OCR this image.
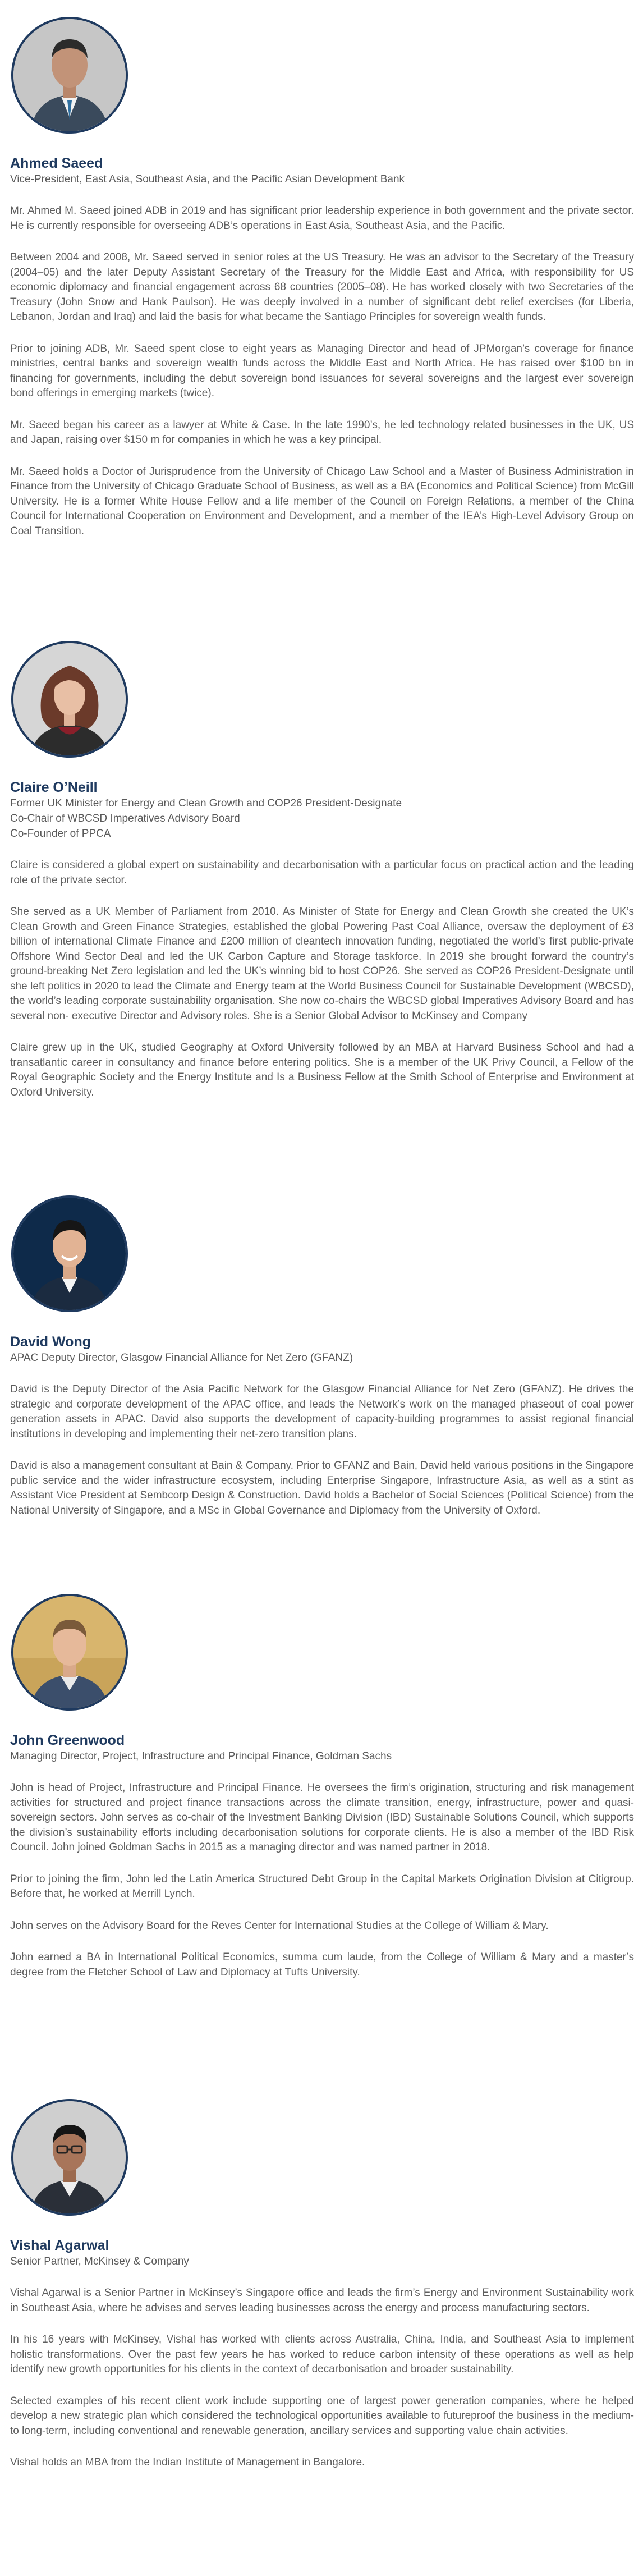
Ahmed Saeed
Vice-President, East Asia, Southeast Asia, and the Pacific Asian Development Bank

Mr. Ahmed M. Saeed joined ADB in 2019 and has significant prior leadership experience in both government and the private sector. He is currently responsible for overseeing ADB’s operations in East Asia, Southeast Asia, and the Pacific.

Between 2004 and 2008, Mr. Saeed served in senior roles at the US Treasury. He was an advisor to the Secretary of the Treasury (2004–05) and the later Deputy Assistant Secretary of the Treasury for the Middle East and Africa, with responsibility for US economic diplomacy and financial engagement across 68 countries (2005–08). He has worked closely with two Secretaries of the Treasury (John Snow and Hank Paulson). He was deeply involved in a number of significant debt relief exercises (for Liberia, Lebanon, Jordan and Iraq) and laid the basis for what became the Santiago Principles for sovereign wealth funds.

Prior to joining ADB, Mr. Saeed spent close to eight years as Managing Director and head of JPMorgan’s coverage for finance ministries, central banks and sovereign wealth funds across the Middle East and North Africa. He has raised over $100 bn in financing for governments, including the debut sovereign bond issuances for several sovereigns and the largest ever sovereign bond offerings in emerging markets (twice).

Mr. Saeed began his career as a lawyer at White & Case. In the late 1990’s, he led technology related businesses in the UK, US and Japan, raising over $150 m for companies in which he was a key principal.

Mr. Saeed holds a Doctor of Jurisprudence from the University of Chicago Law School and a Master of Business Administration in Finance from the University of Chicago Graduate School of Business, as well as a BA (Economics and Political Science) from McGill University. He is a former White House Fellow and a life member of the Council on Foreign Relations, a member of the China Council for International Cooperation on Environment and Development, and a member of the IEA’s High-Level Advisory Group on Coal Transition.

Claire O’Neill
Former UK Minister for Energy and Clean Growth and COP26 President-Designate
Co-Chair of WBCSD Imperatives Advisory Board
Co-Founder of PPCA

Claire is considered a global expert on sustainability and decarbonisation with a particular focus on practical action and the leading role of the private sector.

She served as a UK Member of Parliament from 2010. As Minister of State for Energy and Clean Growth she created the UK’s Clean Growth and Green Finance Strategies, established the global Powering Past Coal Alliance, oversaw the deployment of £3 billion of international Climate Finance and £200 million of cleantech innovation funding, negotiated the world’s first public-private Offshore Wind Sector Deal and led the UK Carbon Capture and Storage taskforce. In 2019 she brought forward the country’s ground-breaking Net Zero legislation and led the UK’s winning bid to host COP26. She served as COP26 President-Designate until she left politics in 2020 to lead the Climate and Energy team at the World Business Council for Sustainable Development (WBCSD), the world’s leading corporate sustainability organisation. She now co-chairs the WBCSD global Imperatives Advisory Board and has several non- executive Director and Advisory roles. She is a Senior Global Advisor to McKinsey and Company

Claire grew up in the UK, studied Geography at Oxford University followed by an MBA at Harvard Business School and had a transatlantic career in consultancy and finance before entering politics. She is a member of the UK Privy Council, a Fellow of the Royal Geographic Society and the Energy Institute and Is a Business Fellow at the Smith School of Enterprise and Environment at Oxford University.

David Wong
APAC Deputy Director, Glasgow Financial Alliance for Net Zero (GFANZ)

David is the Deputy Director of the Asia Pacific Network for the Glasgow Financial Alliance for Net Zero (GFANZ). He drives the strategic and corporate development of the APAC office, and leads the Network’s work on the managed phaseout of coal power generation assets in APAC. David also supports the development of capacity-building programmes to assist regional financial institutions in developing and implementing their net-zero transition plans.

David is also a management consultant at Bain & Company. Prior to GFANZ and Bain, David held various positions in the Singapore public service and the wider infrastructure ecosystem, including Enterprise Singapore, Infrastructure Asia, as well as a stint as Assistant Vice President at Sembcorp Design & Construction. David holds a Bachelor of Social Sciences (Political Science) from the National University of Singapore, and a MSc in Global Governance and Diplomacy from the University of Oxford.

John Greenwood
Managing Director, Project, Infrastructure and Principal Finance, Goldman Sachs

John is head of Project, Infrastructure and Principal Finance. He oversees the firm’s origination, structuring and risk management activities for structured and project finance transactions across the climate transition, energy, infrastructure, power and quasi-sovereign sectors. John serves as co-chair of the Investment Banking Division (IBD) Sustainable Solutions Council, which supports the division’s sustainability efforts including decarbonisation solutions for corporate clients. He is also a member of the IBD Risk Council. John joined Goldman Sachs in 2015 as a managing director and was named partner in 2018.

Prior to joining the firm, John led the Latin America Structured Debt Group in the Capital Markets Origination Division at Citigroup. Before that, he worked at Merrill Lynch.

John serves on the Advisory Board for the Reves Center for International Studies at the College of William & Mary.

John earned a BA in International Political Economics, summa cum laude, from the College of William & Mary and a master’s degree from the Fletcher School of Law and Diplomacy at Tufts University.

Vishal Agarwal
Senior Partner, McKinsey & Company

Vishal Agarwal is a Senior Partner in McKinsey’s Singapore office and leads the firm’s Energy and Environment Sustainability work in Southeast Asia, where he advises and serves leading businesses across the energy and process manufacturing sectors.

In his 16 years with McKinsey, Vishal has worked with clients across Australia, China, India, and Southeast Asia to implement holistic transformations. Over the past few years he has worked to reduce carbon intensity of these operations as well as help identify new growth opportunities for his clients in the context of decarbonisation and broader sustainability.

Selected examples of his recent client work include supporting one of largest power generation companies, where he helped develop a new strategic plan which considered the technological opportunities available to futureproof the business in the medium- to long-term, including conventional and renewable generation, ancillary services and supporting value chain activities.

Vishal holds an MBA from the Indian Institute of Management in Bangalore.
